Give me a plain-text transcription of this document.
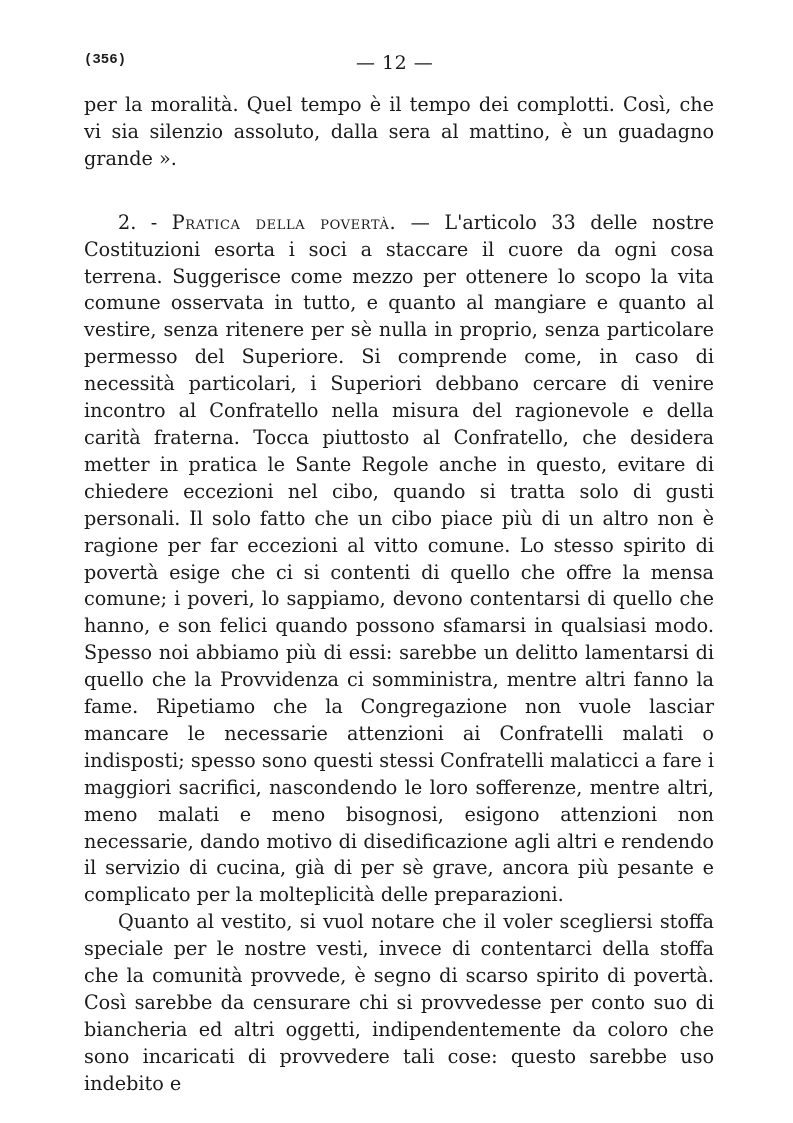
(356)	— 12 —

per la moralità. Quel tempo è il tempo dei complotti. Così, che vi sia silenzio assoluto, dalla sera al mattino, è un guadagno grande ».

2. - Pratica della povertà. — L'articolo 33 delle nostre Costituzioni esorta i soci a staccare il cuore da ogni cosa terrena. Suggerisce come mezzo per ottenere lo scopo la vita comune osservata in tutto, e quanto al mangiare e quanto al vestire, senza ritenere per sè nulla in proprio, senza particolare permesso del Superiore. Si comprende come, in caso di necessità particolari, i Superiori debbano cercare di venire incontro al Confratello nella misura del ragionevole e della carità fraterna. Tocca piuttosto al Confratello, che desidera metter in pratica le Sante Regole anche in questo, evitare di chiedere eccezioni nel cibo, quando si tratta solo di gusti personali. Il solo fatto che un cibo piace più di un altro non è ragione per far eccezioni al vitto comune. Lo stesso spirito di povertà esige che ci si contenti di quello che offre la mensa comune; i poveri, lo sappiamo, devono contentarsi di quello che hanno, e son felici quando possono sfamarsi in qualsiasi modo. Spesso noi abbiamo più di essi: sarebbe un delitto lamentarsi di quello che la Provvidenza ci somministra, mentre altri fanno la fame. Ripetiamo che la Congregazione non vuole lasciar mancare le necessarie attenzioni ai Confratelli malati o indisposti; spesso sono questi stessi Confratelli malaticci a fare i maggiori sacrifici, nascondendo le loro sofferenze, mentre altri, meno malati e meno bisognosi, esigono attenzioni non necessarie, dando motivo di disedificazione agli altri e rendendo il servizio di cucina, già di per sè grave, ancora più pesante e complicato per la molteplicità delle preparazioni.

Quanto al vestito, si vuol notare che il voler scegliersi stoffa speciale per le nostre vesti, invece di contentarci della stoffa che la comunità provvede, è segno di scarso spirito di povertà. Così sarebbe da censurare chi si provvedesse per conto suo di biancheria ed altri oggetti, indipendentemente da coloro che sono incaricati di provvedere tali cose: questo sarebbe uso indebito e
